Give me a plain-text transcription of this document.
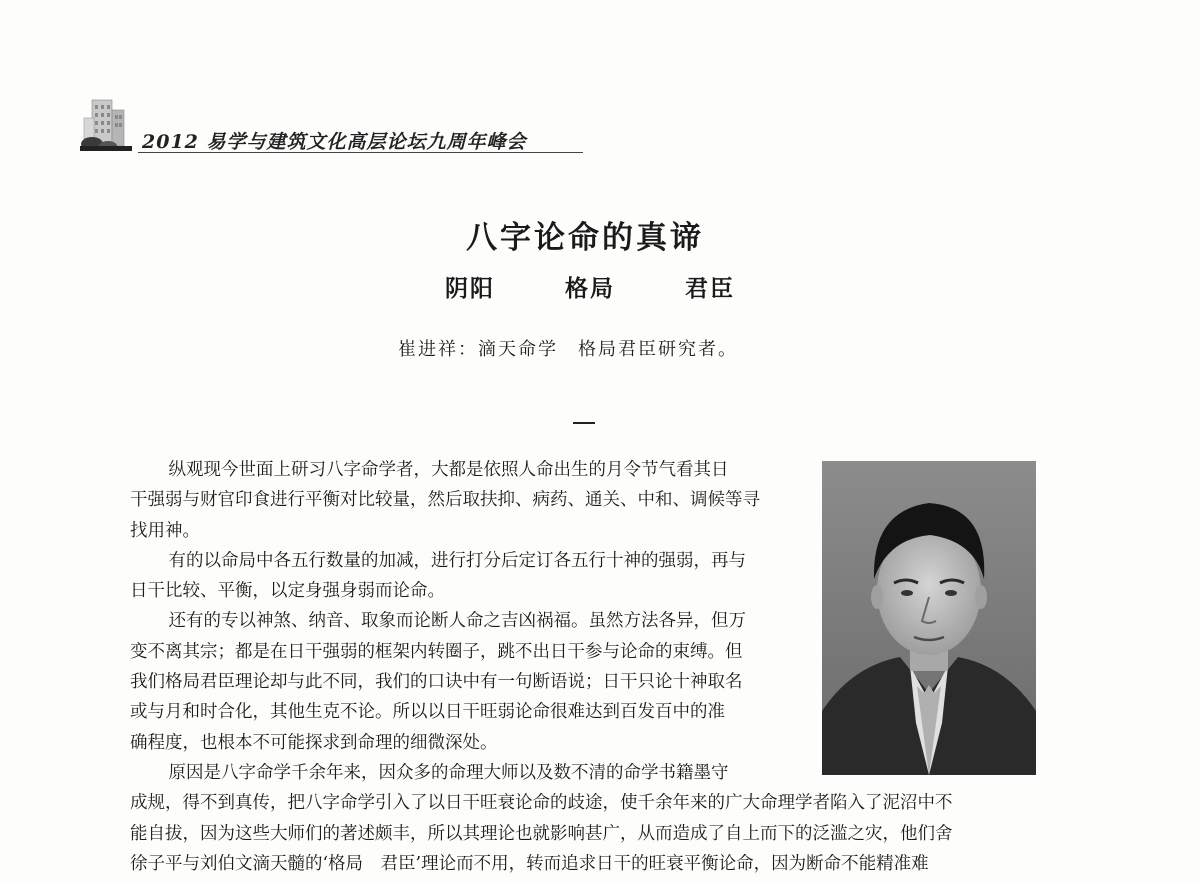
2012 易学与建筑文化高层论坛九周年峰会
八字论命的真谛
阴阳	格局	君臣
崔进祥：滴天命学　格局君臣研究者。

纵观现今世面上研习八字命学者，大都是依照人命出生的月令节气看其日
干强弱与财官印食进行平衡对比较量，然后取扶抑、病药、通关、中和、调候等寻
找用神。

有的以命局中各五行数量的加减，进行打分后定订各五行十神的强弱，再与
日干比较、平衡，以定身强身弱而论命。

还有的专以神煞、纳音、取象而论断人命之吉凶祸福。虽然方法各异，但万
变不离其宗；都是在日干强弱的框架内转圈子，跳不出日干参与论命的束缚。但
我们格局君臣理论却与此不同，我们的口诀中有一句断语说；日干只论十神取名
或与月和时合化，其他生克不论。所以以日干旺弱论命很难达到百发百中的准
确程度，也根本不可能探求到命理的细微深处。

原因是八字命学千余年来，因众多的命理大师以及数不清的命学书籍墨守
成规，得不到真传，把八字命学引入了以日干旺衰论命的歧途，使千余年来的广大命理学者陷入了泥沼中不
能自拔，因为这些大师们的著述颇丰，所以其理论也就影响甚广，从而造成了自上而下的泛滥之灾，他们舍
徐子平与刘伯文滴天髓的‘格局　君臣’理论而不用，转而追求日干的旺衰平衡论命，因为断命不能精准难
